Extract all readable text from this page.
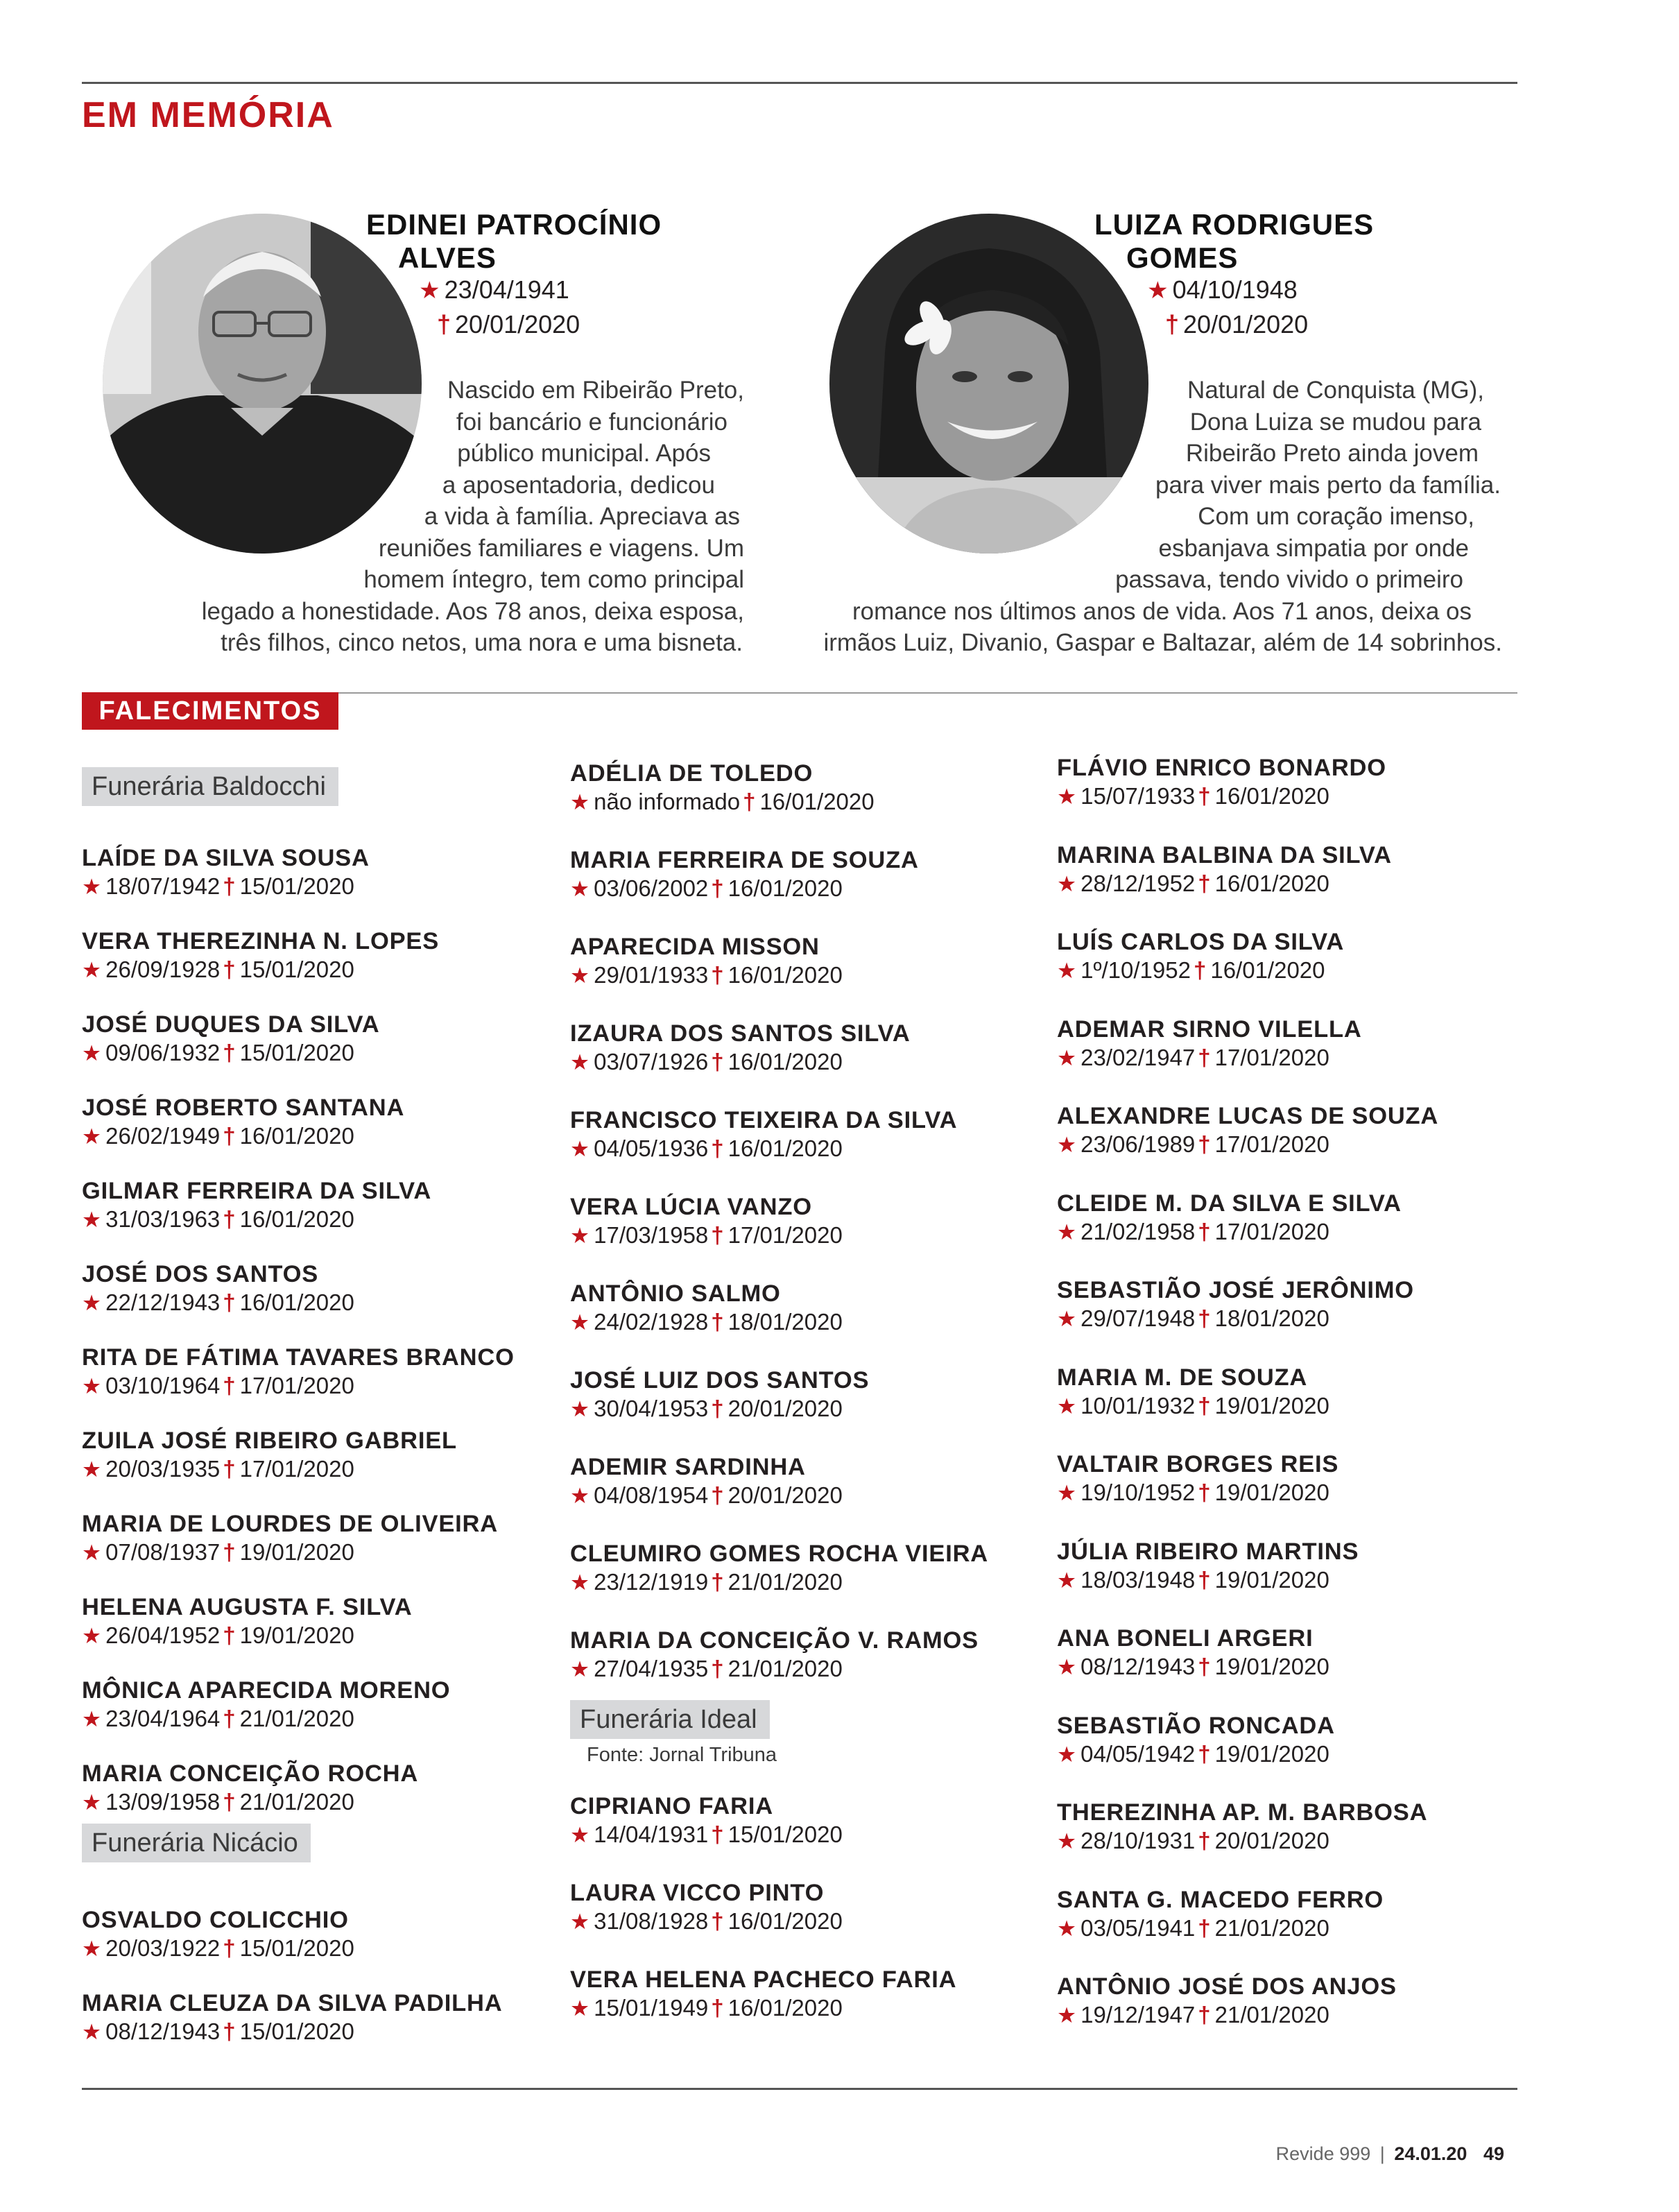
EM MEMÓRIA
EDINEI PATROCÍNIO
ALVES
★ 23/04/1941
† 20/01/2020
Nascido em Ribeirão Preto,
foi bancário e funcionário
público municipal. Após
a aposentadoria, dedicou
a vida à família. Apreciava as
reuniões familiares e viagens. Um
homem íntegro, tem como principal
legado a honestidade. Aos 78 anos, deixa esposa,
três filhos, cinco netos, uma nora e uma bisneta.
LUIZA RODRIGUES
GOMES
★ 04/10/1948
† 20/01/2020
Natural de Conquista (MG),
Dona Luiza se mudou para
Ribeirão Preto ainda jovem
para viver mais perto da família.
Com um coração imenso,
esbanjava simpatia por onde
passava, tendo vivido o primeiro
romance nos últimos anos de vida. Aos 71 anos, deixa os
irmãos Luiz, Divanio, Gaspar e Baltazar, além de 14 sobrinhos.
FALECIMENTOS
Funerária Baldocchi
LAÍDE DA SILVA SOUSA
★ 18/07/1942 † 15/01/2020
VERA THEREZINHA N. LOPES
★ 26/09/1928 † 15/01/2020
JOSÉ DUQUES DA SILVA
★ 09/06/1932 † 15/01/2020
JOSÉ ROBERTO SANTANA
★ 26/02/1949 † 16/01/2020
GILMAR FERREIRA DA SILVA
★ 31/03/1963 † 16/01/2020
JOSÉ DOS SANTOS
★ 22/12/1943 † 16/01/2020
RITA DE FÁTIMA TAVARES BRANCO
★ 03/10/1964 † 17/01/2020
ZUILA JOSÉ RIBEIRO GABRIEL
★ 20/03/1935 † 17/01/2020
MARIA DE LOURDES DE OLIVEIRA
★ 07/08/1937 † 19/01/2020
HELENA AUGUSTA F. SILVA
★ 26/04/1952 † 19/01/2020
MÔNICA APARECIDA MORENO
★ 23/04/1964 † 21/01/2020
MARIA CONCEIÇÃO ROCHA
★ 13/09/1958 † 21/01/2020
Funerária Nicácio
OSVALDO COLICCHIO
★ 20/03/1922 † 15/01/2020
MARIA CLEUZA DA SILVA PADILHA
★ 08/12/1943 † 15/01/2020
ADÉLIA DE TOLEDO
★ não informado † 16/01/2020
MARIA FERREIRA DE SOUZA
★ 03/06/2002 † 16/01/2020
APARECIDA MISSON
★ 29/01/1933 † 16/01/2020
IZAURA DOS SANTOS SILVA
★ 03/07/1926 † 16/01/2020
FRANCISCO TEIXEIRA DA SILVA
★ 04/05/1936 † 16/01/2020
VERA LÚCIA VANZO
★ 17/03/1958 † 17/01/2020
ANTÔNIO SALMO
★ 24/02/1928 † 18/01/2020
JOSÉ LUIZ DOS SANTOS
★ 30/04/1953 † 20/01/2020
ADEMIR SARDINHA
★ 04/08/1954 † 20/01/2020
CLEUMIRO GOMES ROCHA VIEIRA
★ 23/12/1919 † 21/01/2020
MARIA DA CONCEIÇÃO V. RAMOS
★ 27/04/1935 † 21/01/2020
Funerária Ideal
Fonte: Jornal Tribuna
CIPRIANO FARIA
★ 14/04/1931 † 15/01/2020
LAURA VICCO PINTO
★ 31/08/1928 † 16/01/2020
VERA HELENA PACHECO FARIA
★ 15/01/1949 † 16/01/2020
FLÁVIO ENRICO BONARDO
★ 15/07/1933 † 16/01/2020
MARINA BALBINA DA SILVA
★ 28/12/1952 † 16/01/2020
LUÍS CARLOS DA SILVA
★ 1º/10/1952 † 16/01/2020
ADEMAR SIRNO VILELLA
★ 23/02/1947 † 17/01/2020
ALEXANDRE LUCAS DE SOUZA
★ 23/06/1989 † 17/01/2020
CLEIDE M. DA SILVA E SILVA
★ 21/02/1958 † 17/01/2020
SEBASTIÃO JOSÉ JERÔNIMO
★ 29/07/1948 † 18/01/2020
MARIA M. DE SOUZA
★ 10/01/1932 † 19/01/2020
VALTAIR BORGES REIS
★ 19/10/1952 † 19/01/2020
JÚLIA RIBEIRO MARTINS
★ 18/03/1948 † 19/01/2020
ANA BONELI ARGERI
★ 08/12/1943 † 19/01/2020
SEBASTIÃO RONCADA
★ 04/05/1942 † 19/01/2020
THEREZINHA AP. M. BARBOSA
★ 28/10/1931 † 20/01/2020
SANTA G. MACEDO FERRO
★ 03/05/1941 † 21/01/2020
ANTÔNIO JOSÉ DOS ANJOS
★ 19/12/1947 † 21/01/2020
Revide 999 | 24.01.20 49
